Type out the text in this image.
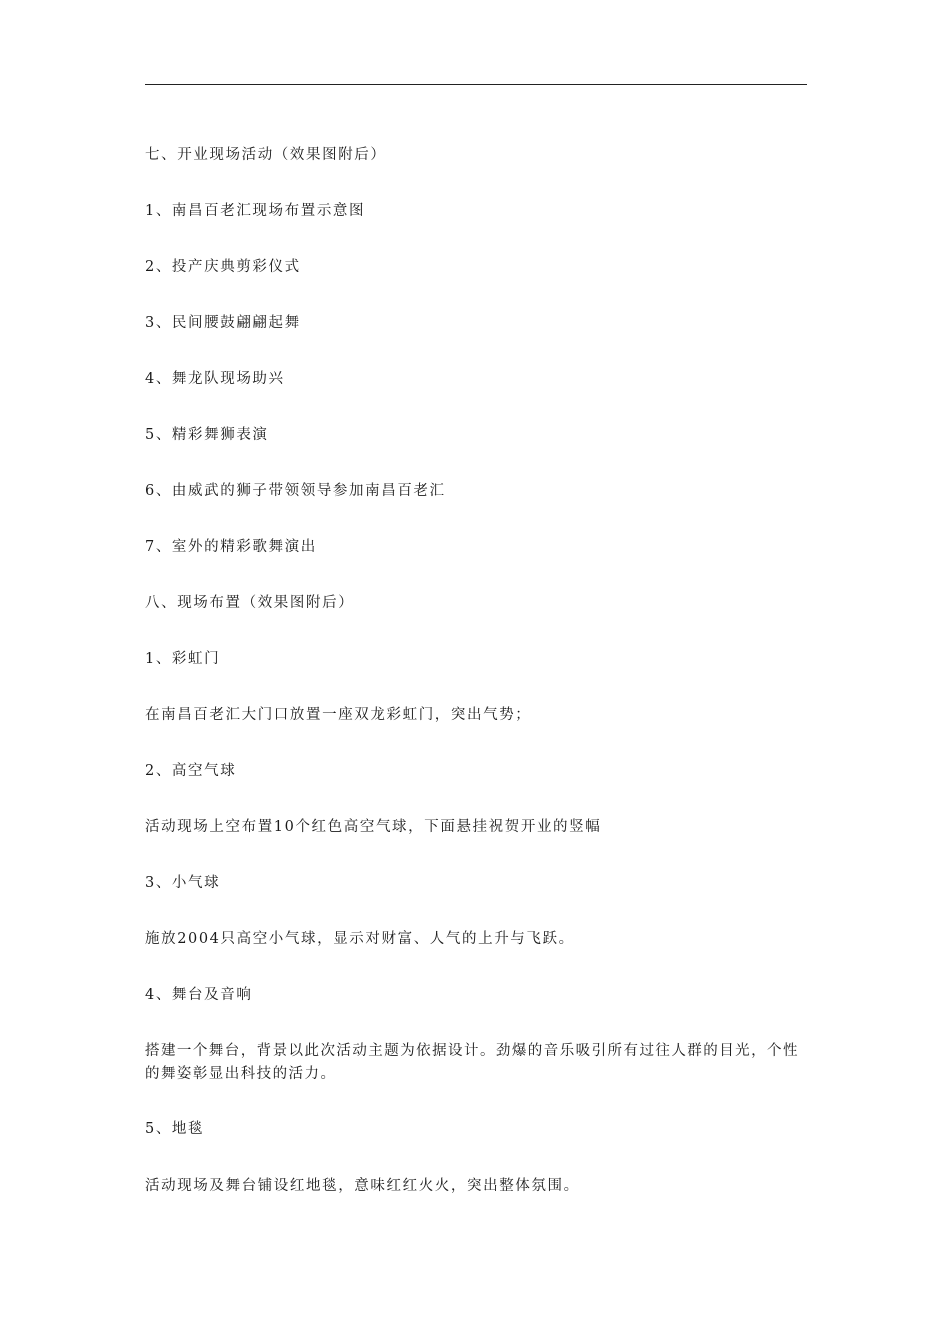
七、开业现场活动（效果图附后）
1、南昌百老汇现场布置示意图
2、投产庆典剪彩仪式
3、民间腰鼓翩翩起舞
4、舞龙队现场助兴
5、精彩舞狮表演
6、由威武的狮子带领领导参加南昌百老汇
7、室外的精彩歌舞演出
八、现场布置（效果图附后）
1、彩虹门
在南昌百老汇大门口放置一座双龙彩虹门，突出气势；
2、高空气球
活动现场上空布置10个红色高空气球，下面悬挂祝贺开业的竖幅
3、小气球
施放2004只高空小气球，显示对财富、人气的上升与飞跃。
4、舞台及音响
搭建一个舞台，背景以此次活动主题为依据设计。劲爆的音乐吸引所有过往人群的目光，个性的舞姿彰显出科技的活力。
5、地毯
活动现场及舞台铺设红地毯，意味红红火火，突出整体氛围。
